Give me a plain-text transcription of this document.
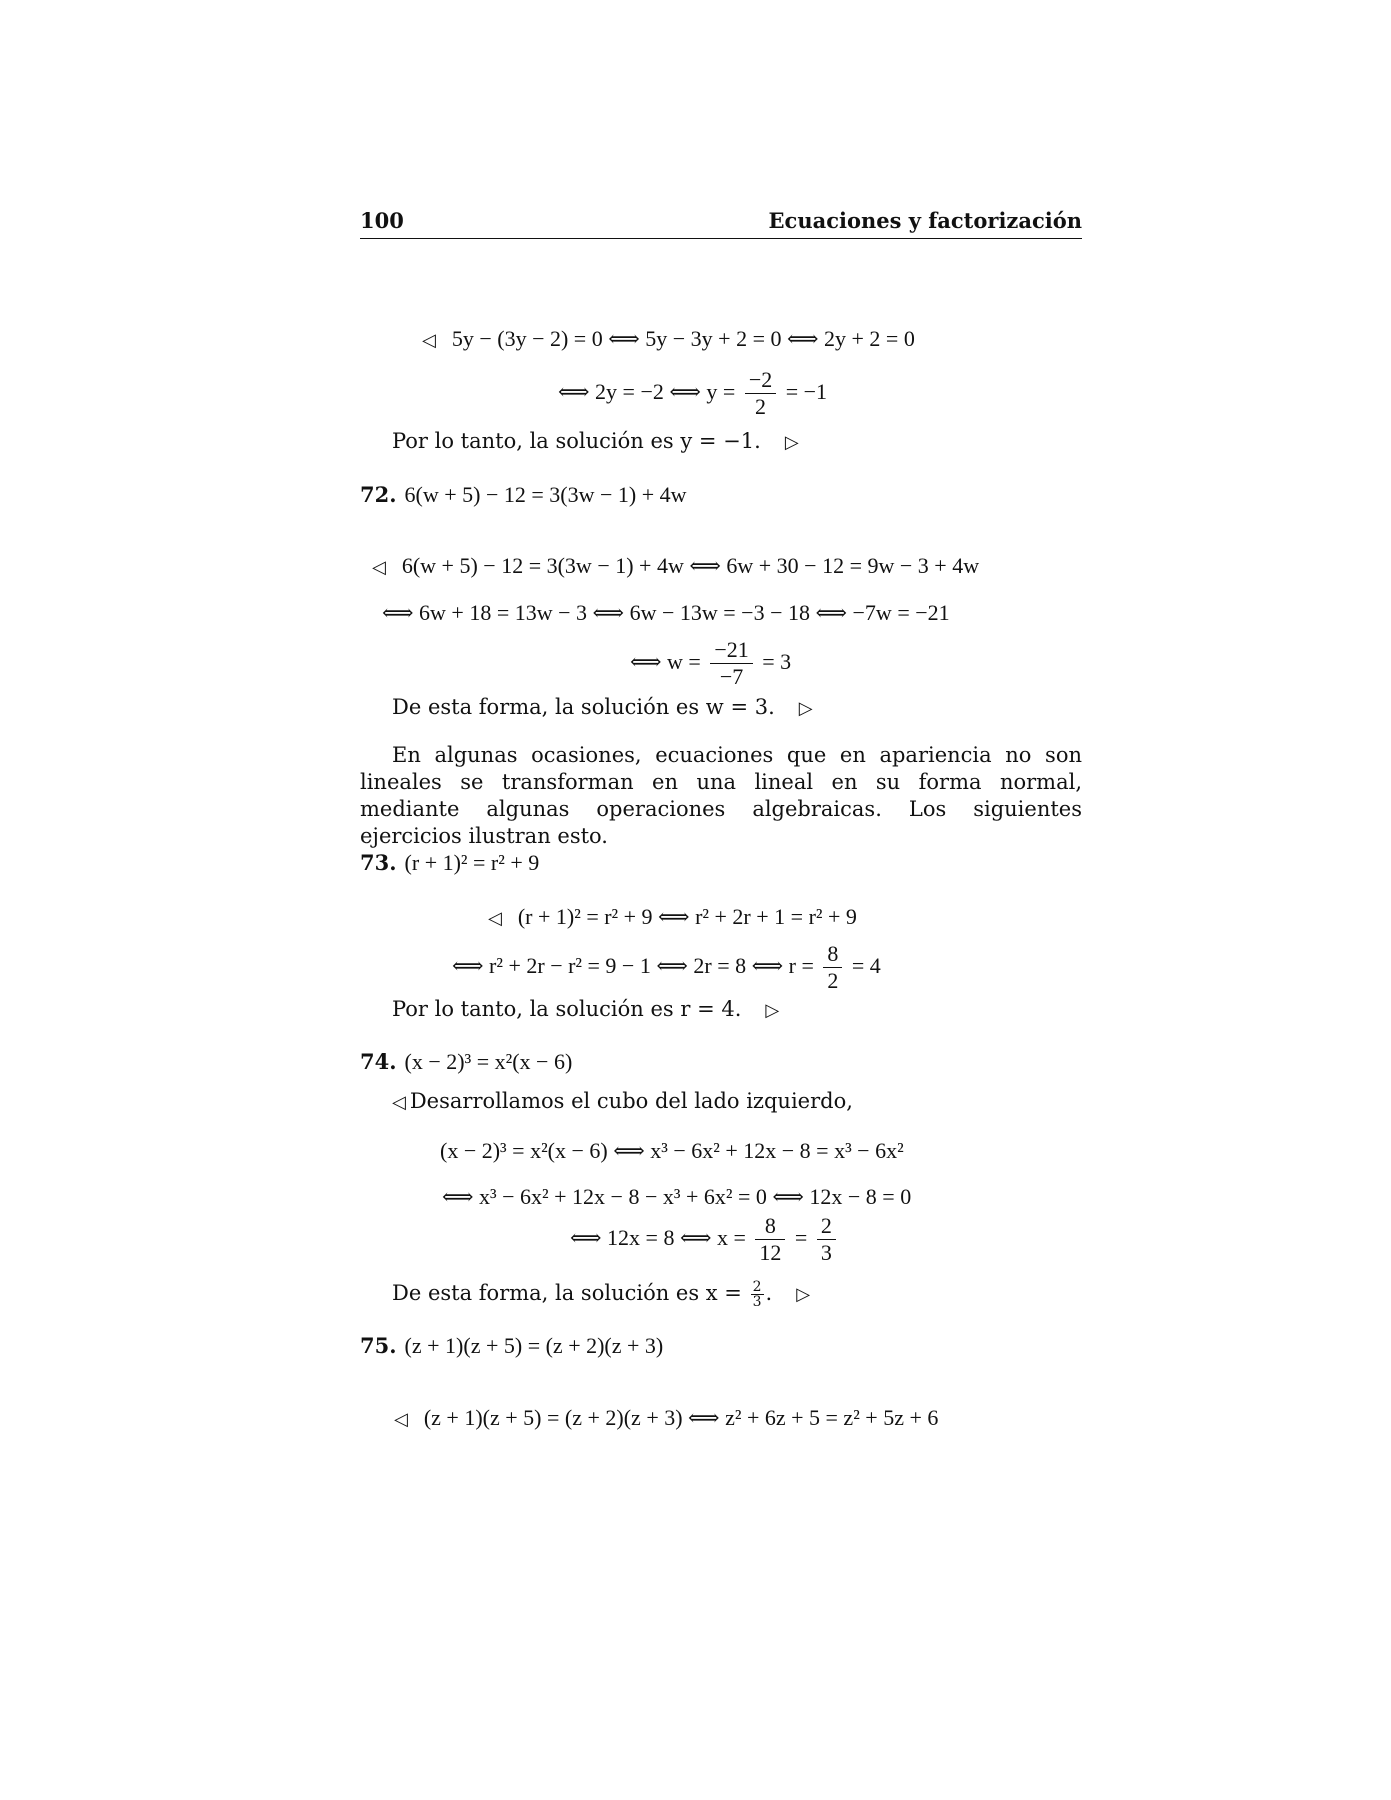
100	Ecuaciones y factorización
◁ 5y − (3y − 2) = 0 ⟺ 5y − 3y + 2 = 0 ⟺ 2y + 2 = 0
⟺ 2y = −2 ⟺ $y = \frac{-2}{2} = -1$
Por lo tanto, la solución es y = −1. ▷
72. 6(w + 5) − 12 = 3(3w − 1) + 4w
◁ 6(w + 5) − 12 = 3(3w − 1) + 4w ⟺ 6w + 30 − 12 = 9w − 3 + 4w
⟺ 6w + 18 = 13w − 3 ⟺ 6w − 13w = −3 − 18 ⟺ −7w = −21
⟺ $w = \frac{-21}{-7} = 3$
De esta forma, la solución es w = 3. ▷
En algunas ocasiones, ecuaciones que en apariencia no son lineales se transforman en una lineal en su forma normal, mediante algunas operaciones algebraicas. Los siguientes ejercicios ilustran esto.
73. (r + 1)² = r² + 9
◁ (r + 1)² = r² + 9 ⟺ r² + 2r + 1 = r² + 9
⟺ r² + 2r − r² = 9 − 1 ⟺ 2r = 8 ⟺ $r = \frac{8}{2} = 4$
Por lo tanto, la solución es r = 4. ▷
74. (x − 2)³ = x²(x − 6)
◁ Desarrollamos el cubo del lado izquierdo,
(x − 2)³ = x²(x − 6) ⟺ x³ − 6x² + 12x − 8 = x³ − 6x²
⟺ x³ − 6x² + 12x − 8 − x³ + 6x² = 0 ⟺ 12x − 8 = 0
⟺ 12x = 8 ⟺ $x = \frac{8}{12} = \frac{2}{3}$
De esta forma, la solución es $x = \frac{2}{3}$ . ▷
75. (z + 1)(z + 5) = (z + 2)(z + 3)
◁ (z + 1)(z + 5) = (z + 2)(z + 3) ⟺ z² + 6z + 5 = z² + 5z + 6
